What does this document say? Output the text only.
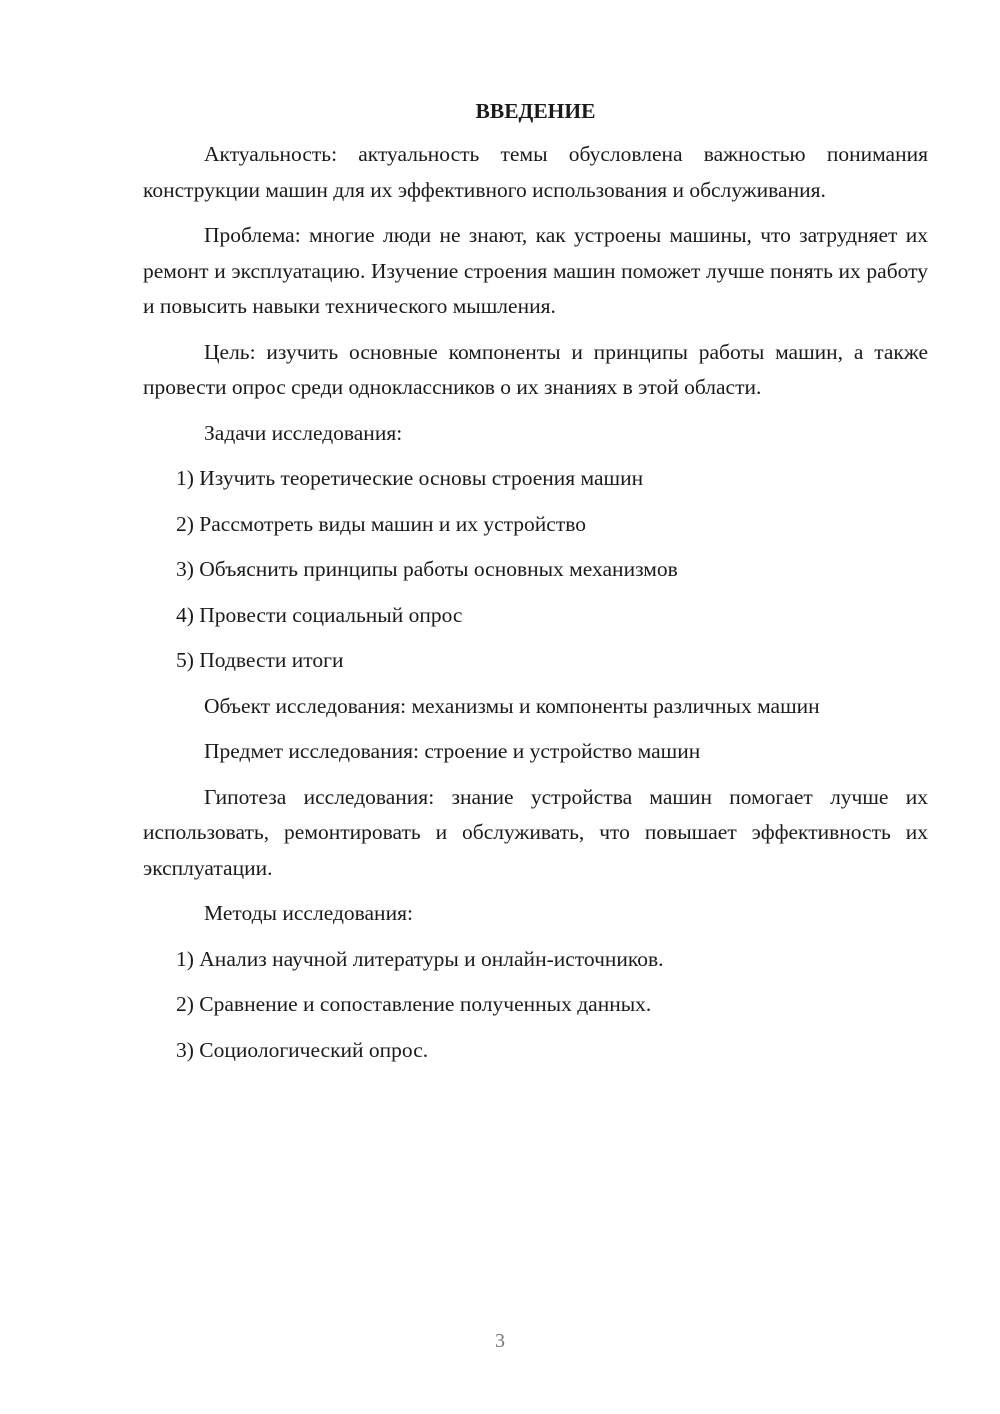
ВВЕДЕНИЕ

Актуальность: актуальность темы обусловлена важностью понимания конструкции машин для их эффективного использования и обслуживания.

Проблема: многие люди не знают, как устроены машины, что затрудняет их ремонт и эксплуатацию. Изучение строения машин поможет лучше понять их работу и повысить навыки технического мышления.

Цель: изучить основные компоненты и принципы работы машин, а также провести опрос среди одноклассников о их знаниях в этой области.

Задачи исследования:

1) Изучить теоретические основы строения машин
2) Рассмотреть виды машин и их устройство
3) Объяснить принципы работы основных механизмов
4) Провести социальный опрос
5) Подвести итоги

Объект исследования: механизмы и компоненты различных машин

Предмет исследования: строение и устройство машин

Гипотеза исследования: знание устройства машин помогает лучше их использовать, ремонтировать и обслуживать, что повышает эффективность их эксплуатации.

Методы исследования:

1) Анализ научной литературы и онлайн-источников.
2) Сравнение и сопоставление полученных данных.
3) Социологический опрос.
3
